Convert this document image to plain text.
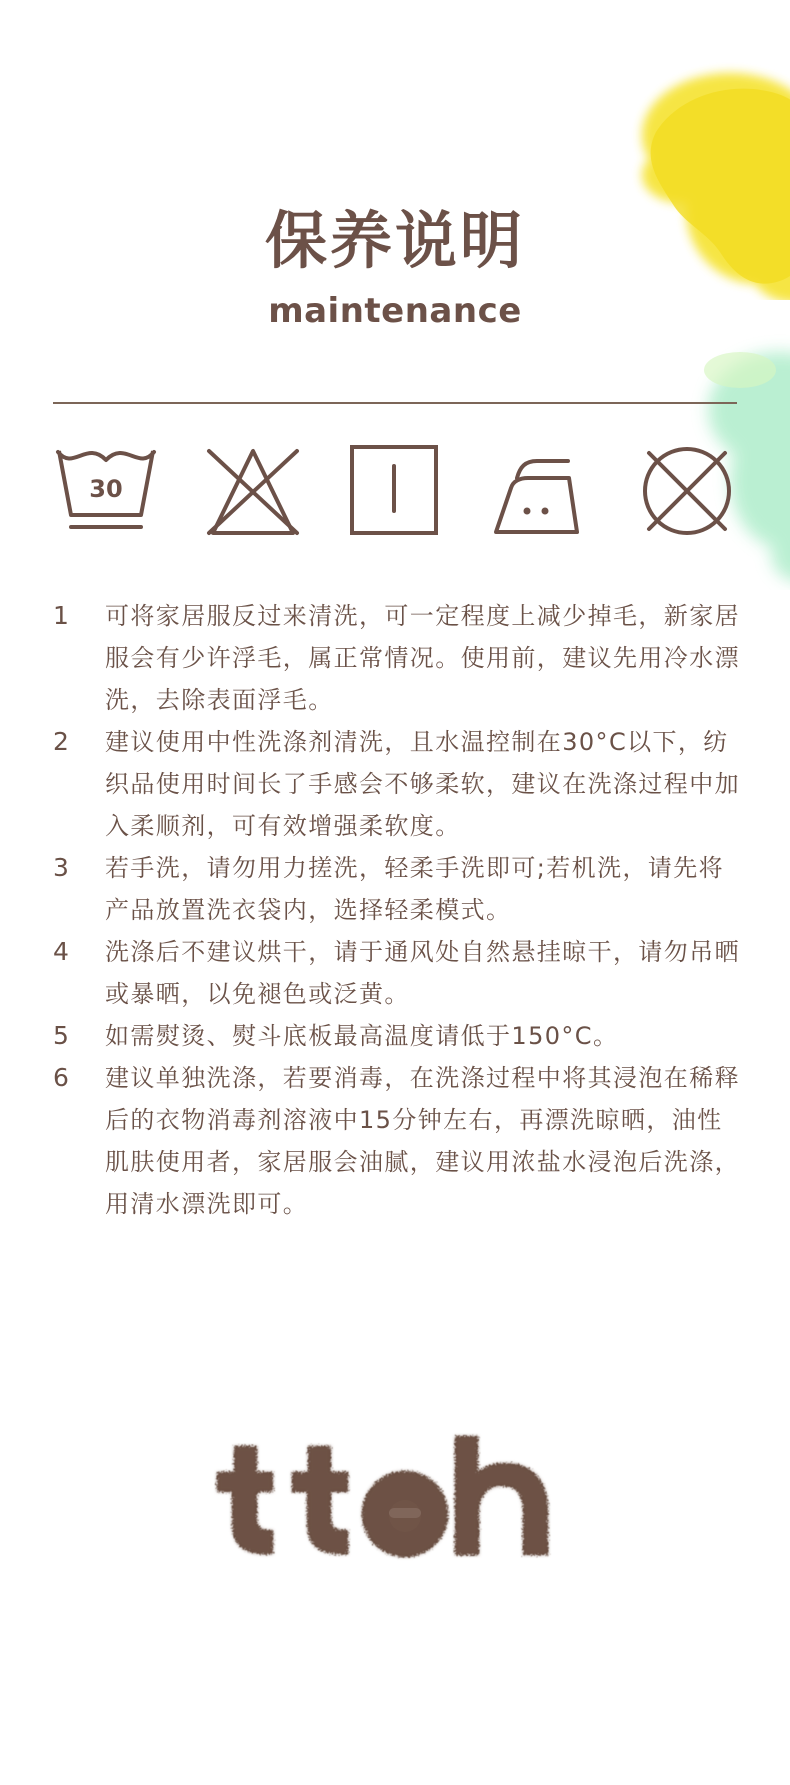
保养说明
maintenance
30
1	可将家居服反过来清洗，可一定程度上减少掉毛，新家居服会有少许浮毛，属正常情况。使用前，建议先用冷水漂洗，去除表面浮毛。
2	建议使用中性洗涤剂清洗，且水温控制在30°C以下，纺织品使用时间长了手感会不够柔软，建议在洗涤过程中加入柔顺剂，可有效增强柔软度。
3	若手洗，请勿用力搓洗，轻柔手洗即可;若机洗，请先将产品放置洗衣袋内，选择轻柔模式。
4	洗涤后不建议烘干，请于通风处自然悬挂晾干，请勿吊晒或暴晒，以免褪色或泛黄。
5	如需熨烫、熨斗底板最高温度请低于150°C。
6	建议单独洗涤，若要消毒，在洗涤过程中将其浸泡在稀释后的衣物消毒剂溶液中15分钟左右，再漂洗晾晒，油性肌肤使用者，家居服会油腻，建议用浓盐水浸泡后洗涤，用清水漂洗即可。
